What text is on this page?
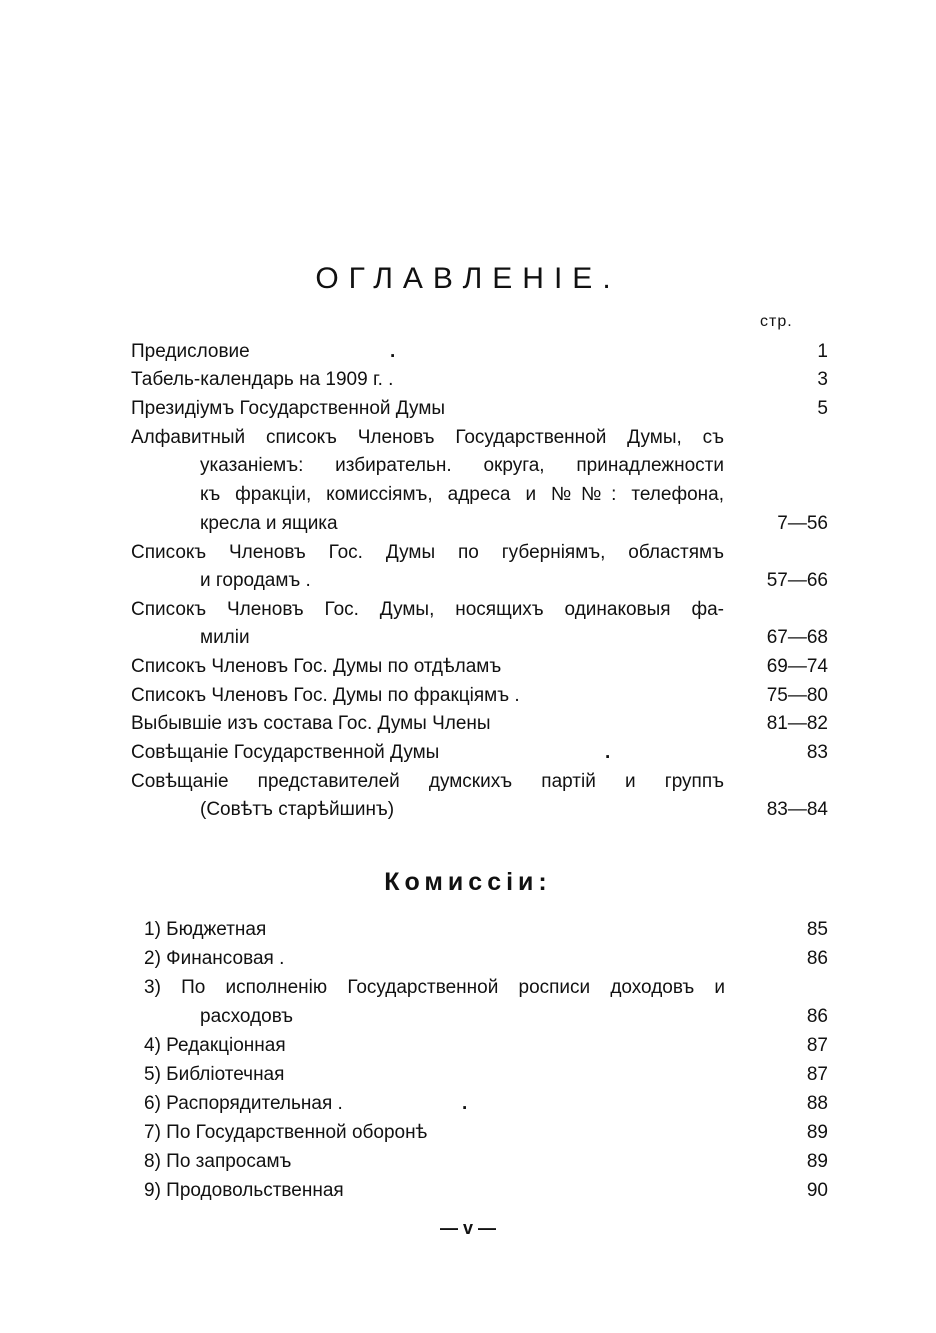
ОГЛАВЛЕНІЕ.
стр.
Предисловие	.	1
Табель-календарь на 1909 г. .	3
Президіумъ Государственной Думы	5
Алфавитный списокъ Членовъ Государственной Думы, съ
указаніемъ: избирательн. округа, принадлежности
къ фракціи, комиссіямъ, адреса и №№: телефона,
кресла и ящика	7—56
Списокъ Членовъ Гос. Думы по губерніямъ, областямъ
и городамъ .	57—66
Списокъ Членовъ Гос. Думы, носящихъ одинаковыя фа-
миліи	67—68
Списокъ Членовъ Гос. Думы по отдѣламъ	69—74
Списокъ Членовъ Гос. Думы по фракціямъ .	75—80
Выбывшіе изъ состава Гос. Думы Члены	81—82
Совѣщаніе Государственной Думы	.	83
Совѣщаніе представителей думскихъ партій и группъ
(Совѣтъ старѣйшинъ)	83—84
Комиссіи:
1) Бюджетная	85
2) Финансовая .	86
3) По исполненію Государственной росписи доходовъ и
расходовъ	86
4) Редакціонная	87
5) Библіотечная	87
6) Распорядительная .	.	88
7) По Государственной оборонѣ	89
8) По запросамъ	89
9) Продовольственная	90
— v —
